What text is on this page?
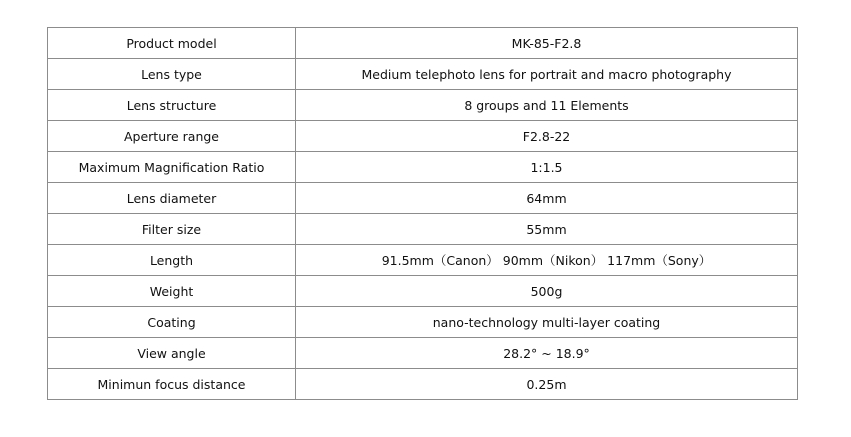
Product model	MK-85-F2.8
Lens type	Medium telephoto lens for portrait and macro photography
Lens structure	8 groups and 11 Elements
Aperture range	F2.8-22
Maximum Magnification Ratio	1:1.5
Lens diameter	64mm
Filter size	55mm
Length	91.5mm（Canon） 90mm（Nikon） 117mm（Sony）
Weight	500g
Coating	nano-technology multi-layer coating
View angle	28.2° ~ 18.9°
Minimun focus distance	0.25m
